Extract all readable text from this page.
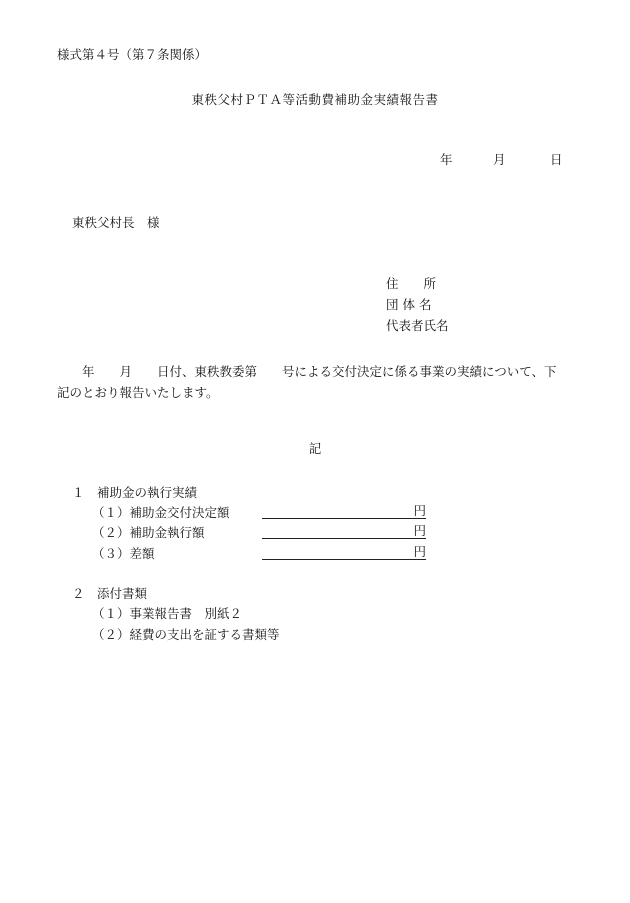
様式第４号（第７条関係）
東秩父村ＰＴＡ等活動費補助金実績報告書
年	月	日
東秩父村長　様
住　　所
団 体 名
代表者氏名
　　年　　月　　日付、東秩教委第　　号による交付決定に係る事業の実績について、下記のとおり報告いたします。
記
１　補助金の執行実績
（１）補助金交付決定額	円
（２）補助金執行額	円
（３）差額	円
２　添付書類
（１）事業報告書　別紙２
（２）経費の支出を証する書類等
